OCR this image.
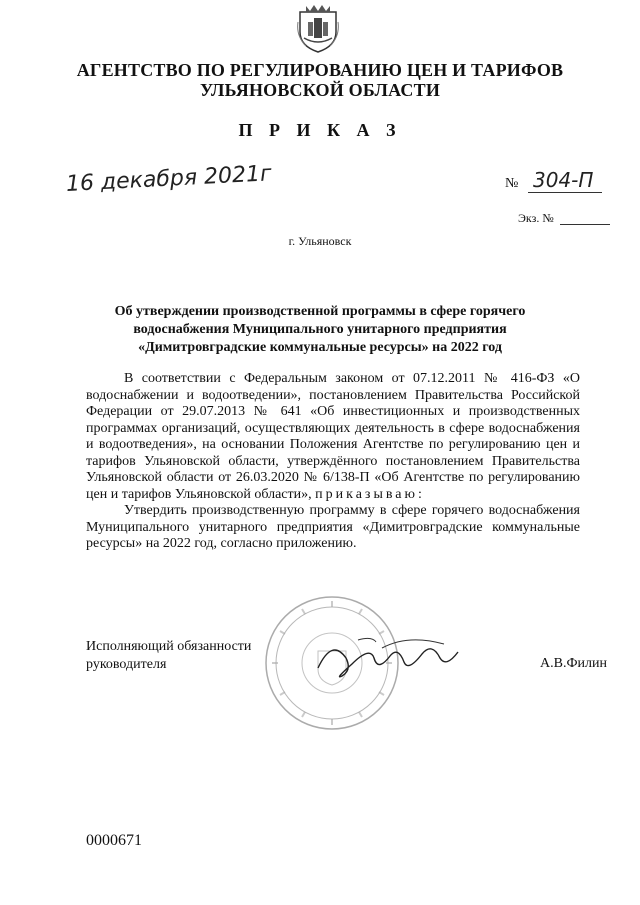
АГЕНТСТВО ПО РЕГУЛИРОВАНИЮ ЦЕН И ТАРИФОВ
УЛЬЯНОВСКОЙ ОБЛАСТИ
П Р И К А З
16 декабря 2021г	№ 304-П
Экз. №
г. Ульяновск
Об утверждении производственной программы в сфере горячего
водоснабжения Муниципального унитарного предприятия
«Димитровградские коммунальные ресурсы» на 2022 год

В соответствии с Федеральным законом от 07.12.2011 № 416-ФЗ «О водоснабжении и водоотведении», постановлением Правительства Российской Федерации от 29.07.2013 № 641 «Об инвестиционных и производственных программах организаций, осуществляющих деятельность в сфере водоснабжения и водоотведения», на основании Положения Агентстве по регулированию цен и тарифов Ульяновской области, утверждённого постановлением Правительства Ульяновской области от 26.03.2020 № 6/138-П «Об Агентстве по регулированию цен и тарифов Ульяновской области», приказываю:

Утвердить производственную программу в сфере горячего водоснабжения Муниципального унитарного предприятия «Димитровградские коммунальные ресурсы» на 2022 год, согласно приложению.

Исполняющий обязанности
руководителя	А.В.Филин
0000671
